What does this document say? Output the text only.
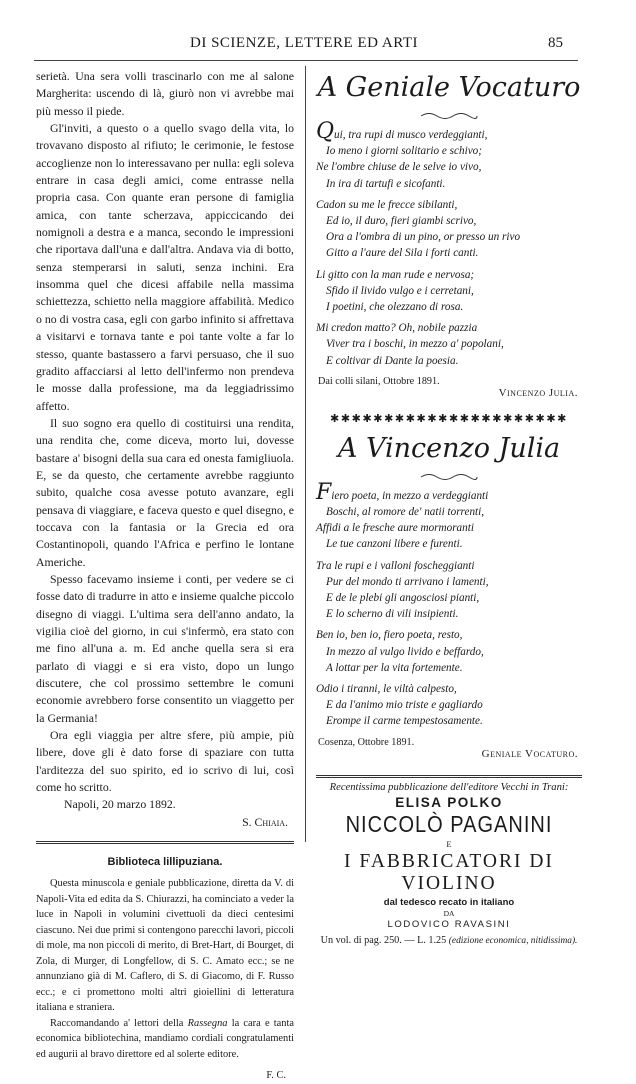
DI SCIENZE, LETTERE ED ARTI	85

serietà. Una sera volli trascinarlo con me al salone Margherita: uscendo di là, giurò non vi avrebbe mai più messo il piede.

Gl'inviti, a questo o a quello svago della vita, lo trovavano disposto al rifiuto; le cerimonie, le festose accoglienze non lo interessavano per nulla: egli soleva entrare in casa degli amici, come entrasse nella propria casa. Con quante eran persone di famiglia amica, con tante scherzava, appiccicando dei nomignoli a destra e a manca, secondo le impressioni che riportava dall'una e dall'altra. Andava via di botto, senza stemperarsi in saluti, senza inchini. Era insomma quel che dicesi affabile nella massima schiettezza, schietto nella maggiore affabilità. Medico o no di vostra casa, egli con garbo infinito si affrettava a visitarvi e tornava tante e poi tante volte a far lo stesso, quante bastassero a farvi persuaso, che il suo gradito affacciarsi al letto dell'infermo non prendeva le mosse dalla professione, ma da leggiadrissimo affetto.

Il suo sogno era quello di costituirsi una rendita, una rendita che, come diceva, morto lui, dovesse bastare a' bisogni della sua cara ed onesta famigliuola. E, se da questo, che certamente avrebbe raggiunto subito, qualche cosa avesse potuto avanzare, egli pensava di viaggiare, e faceva questo e quel disegno, e toccava con la fantasia or la Grecia ed ora Costantinopoli, quando l'Africa e perfino le lontane Americhe.

Spesso facevamo insieme i conti, per vedere se ci fosse dato di tradurre in atto e insieme qualche piccolo disegno di viaggi. L'ultima sera dell'anno andato, la vigilia cioè del giorno, in cui s'infermò, era stato con me fino all'una a. m. Ed anche quella sera si era parlato di viaggi e si era visto, dopo un lungo discutere, che col prossimo settembre le comuni economie avrebbero forse consentito un viaggetto per la Germania!

Ora egli viaggia per altre sfere, più ampie, più libere, dove gli è dato forse di spaziare con tutta l'arditezza del suo spirito, ed io scrivo di lui, così come ho scritto.

Napoli, 20 marzo 1892.

S. Chiaia.

Biblioteca lillipuziana.

Questa minuscola e geniale pubblicazione, diretta da V. di Napoli-Vita ed edita da S. Chiurazzi, ha cominciato a veder la luce in Napoli in volumini civettuoli da dieci centesimi ciascuno. Nei due primi si contengono parecchi lavori, piccoli di mole, ma non piccoli di merito, di Bret-Hart, di Bourget, di Zola, di Murger, di Longfellow, di S. C. Amato ecc.; se ne annunziano già di M. Caflero, di S. di Giacomo, di F. Russo ecc.; e ci promettono molti altri gioiellini di letteratura italiana e straniera.

Raccomandando a' lettori della Rassegna la cara e tanta economica bibliotechina, mandiamo cordiali congratulamenti ed augurii al bravo direttore ed al solerte editore.

F. C.

A Geniale Vocaturo

Qui, tra rupi di musco verdeggianti,

Io meno i giorni solitario e schivo;

Ne l'ombre chiuse de le selve io vivo,

In ira di tartufi e sicofanti.

Cadon su me le frecce sibilanti,

Ed io, il duro, fieri giambi scrivo,

Ora a l'ombra di un pino, or presso un rivo

Gitto a l'aure del Sila i forti canti.

Li gitto con la man rude e nervosa;

Sfido il livido vulgo e i cerretani,

I poetini, che olezzano di rosa.

Mi credon matto? Oh, nobile pazzia

Viver tra i boschi, in mezzo a' popolani,

E coltivar di Dante la poesia.

Dai colli silani, Ottobre 1891.
Vincenzo Julia.
✱✱✱✱✱✱✱✱✱✱✱✱✱✱✱✱✱✱✱✱✱✱

A Vincenzo Julia

Fiero poeta, in mezzo a verdeggianti

Boschi, al romore de' natii torrenti,

Affidi a le fresche aure mormoranti

Le tue canzoni libere e furenti.

Tra le rupi e i valloni foschеggianti

Pur del mondo ti arrivano i lamenti,

E de le plebi gli angosciosi pianti,

E lo scherno di vili insipienti.

Ben io, ben io, fiero poeta, resto,

In mezzo al vulgo livido e beffardo,

A lottar per la vita fortemente.

Odio i tiranni, le viltà calpesto,

E da l'animo mio triste e gagliardo

Erompe il carme tempestosamente.

Cosenza, Ottobre 1891.
Geniale Vocaturo.

Recentissima pubblicazione dell'editore Vecchi in Trani:

ELISA POLKO

NICCOLÒ PAGANINI

E

I FABBRICATORI DI VIOLINO

dal tedesco recato in italiano

DA

LODOVICO RAVASINI

Un vol. di pag. 250. — L. 1.25 (edizione economica, nitidissima).
